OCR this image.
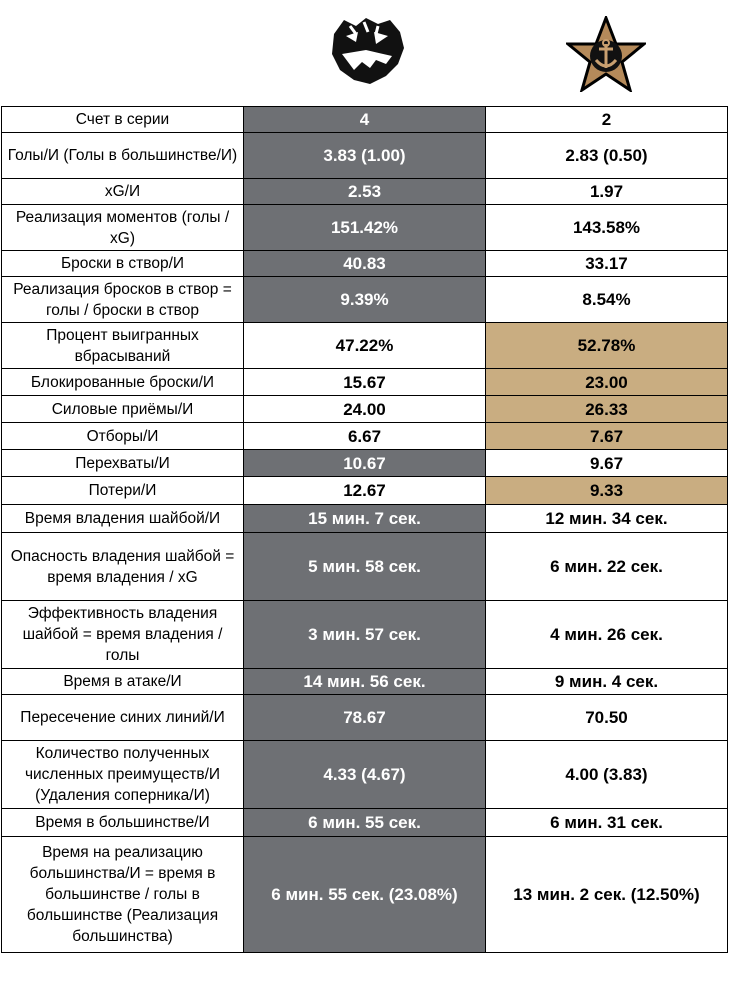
Счет в серии	4	2
Голы/И (Голы в большинстве/И)	3.83 (1.00)	2.83 (0.50)
xG/И	2.53	1.97
Реализация моментов (голы / xG)	151.42%	143.58%
Броски в створ/И	40.83	33.17
Реализация бросков в створ = голы / броски в створ	9.39%	8.54%
Процент выигранных вбрасываний	47.22%	52.78%
Блокированные броски/И	15.67	23.00
Силовые приёмы/И	24.00	26.33
Отборы/И	6.67	7.67
Перехваты/И	10.67	9.67
Потери/И	12.67	9.33
Время владения шайбой/И	15 мин. 7 сек.	12 мин. 34 сек.
Опасность владения шайбой = время владения / xG	5 мин. 58 сек.	6 мин. 22 сек.
Эффективность владения шайбой = время владения / голы	3 мин. 57 сек.	4 мин. 26 сек.
Время в атаке/И	14 мин. 56 сек.	9 мин. 4 сек.
Пересечение синих линий/И	78.67	70.50
Количество полученных численных преимуществ/И (Удаления соперника/И)	4.33 (4.67)	4.00 (3.83)
Время в большинстве/И	6 мин. 55 сек.	6 мин. 31 сек.
Время на реализацию большинства/И = время в большинстве / голы в большинстве (Реализация большинства)	6 мин. 55 сек. (23.08%)	13 мин. 2 сек. (12.50%)
